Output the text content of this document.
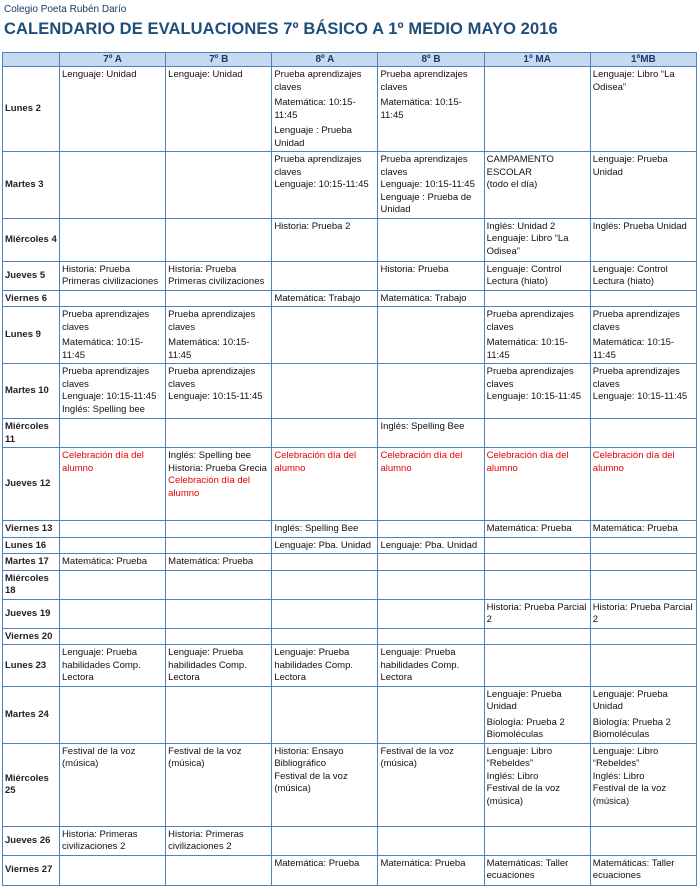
Colegio Poeta Rubén Darío
CALENDARIO DE EVALUACIONES 7º BÁSICO A 1º MEDIO MAYO 2016
	7º A	7º B	8º A	8º B	1º MA	1ºMB
Lunes 2	Lenguaje: Unidad	Lenguaje: Unidad	Prueba aprendizajes claves
Matemática: 10:15-11:45
Lenguaje : Prueba Unidad	Prueba aprendizajes claves
Matemática: 10:15-11:45		Lenguaje: Libro “La Odisea”

Martes 3			Prueba aprendizajes claves
Lenguaje: 10:15-11:45	Prueba aprendizajes claves
Lenguaje: 10:15-11:45
Lenguaje : Prueba de Unidad	CAMPAMENTO ESCOLAR
(todo el día)	Lenguaje: Prueba Unidad

Miércoles 4			Historia: Prueba 2		Inglés: Unidad 2
Lenguaje: Libro “La Odisea”	Inglés: Prueba Unidad

Jueves 5	Historia: Prueba Primeras civilizaciones	Historia: Prueba Primeras civilizaciones		Historia: Prueba	Lenguaje: Control Lectura (hiato)	Lenguaje: Control Lectura (hiato)

Viernes 6			Matemática: Trabajo	Matemática: Trabajo		

Lunes 9	Prueba aprendizajes claves
Matemática: 10:15-11:45	Prueba aprendizajes claves
Matemática: 10:15-11:45			Prueba aprendizajes claves
Matemática: 10:15-11:45	Prueba aprendizajes claves
Matemática: 10:15-11:45

Martes 10	Prueba aprendizajes claves
Lenguaje: 10:15-11:45
Inglés: Spelling bee	Prueba aprendizajes claves
Lenguaje: 10:15-11:45			Prueba aprendizajes claves
Lenguaje: 10:15-11:45	Prueba aprendizajes claves
Lenguaje: 10:15-11:45

Miércoles 11				Inglés: Spelling Bee		

Jueves 12	Celebración día del alumno	Inglés: Spelling bee
Historia: Prueba Grecia
Celebración día del alumno	Celebración día del alumno	Celebración día del alumno	Celebración día del alumno	Celebración día del alumno

Viernes 13			Inglés: Spelling Bee		Matemática: Prueba	Matemática: Prueba

Lunes 16			Lenguaje: Pba. Unidad	Lenguaje: Pba. Unidad		

Martes 17	Matemática: Prueba	Matemática: Prueba				

Miércoles 18						
Jueves 19					Historia: Prueba Parcial 2	Historia: Prueba Parcial 2

Viernes 20						
Lunes 23	Lenguaje: Prueba habilidades Comp. Lectora	Lenguaje: Prueba habilidades Comp. Lectora	Lenguaje: Prueba habilidades Comp. Lectora	Lenguaje: Prueba habilidades Comp. Lectora		

Martes 24					Lenguaje: Prueba Unidad
Biología: Prueba 2 Biomoléculas	Lenguaje: Prueba Unidad
Biología: Prueba 2 Biomoléculas

Miércoles 25	Festival de la voz (música)	Festival de la voz (música)	Historia: Ensayo Bibliográfico
Festival de la voz (música)	Festival de la voz (música)	Lenguaje: Libro “Rebeldes”
Inglés: Libro
Festival de la voz (música)	Lenguaje: Libro “Rebeldes”
Inglés: Libro
Festival de la voz (música)

Jueves 26	Historia: Primeras civilizaciones 2	Historia: Primeras civilizaciones 2				

Viernes 27			Matemática: Prueba	Matemática: Prueba	Matemáticas: Taller ecuaciones	Matemáticas: Taller ecuaciones
